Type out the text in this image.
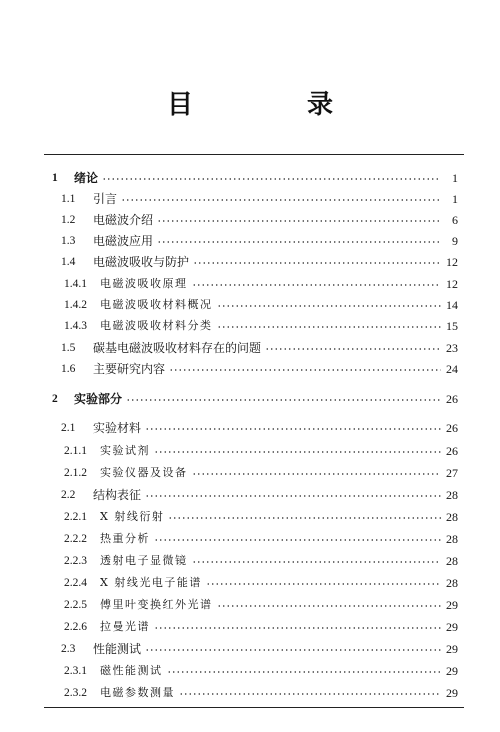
目　录
1	绪论	1
1.1	引言	1
1.2	电磁波介绍	6
1.3	电磁波应用	9
1.4	电磁波吸收与防护	12
1.4.1	电磁波吸收原理	12
1.4.2	电磁波吸收材料概况	14
1.4.3	电磁波吸收材料分类	15
1.5	碳基电磁波吸收材料存在的问题	23
1.6	主要研究内容	24
2	实验部分	26
2.1	实验材料	26
2.1.1	实验试剂	26
2.1.2	实验仪器及设备	27
2.2	结构表征	28
2.2.1	X 射线衍射	28
2.2.2	热重分析	28
2.2.3	透射电子显微镜	28
2.2.4	X 射线光电子能谱	28
2.2.5	傅里叶变换红外光谱	29
2.2.6	拉曼光谱	29
2.3	性能测试	29
2.3.1	磁性能测试	29
2.3.2	电磁参数测量	29
